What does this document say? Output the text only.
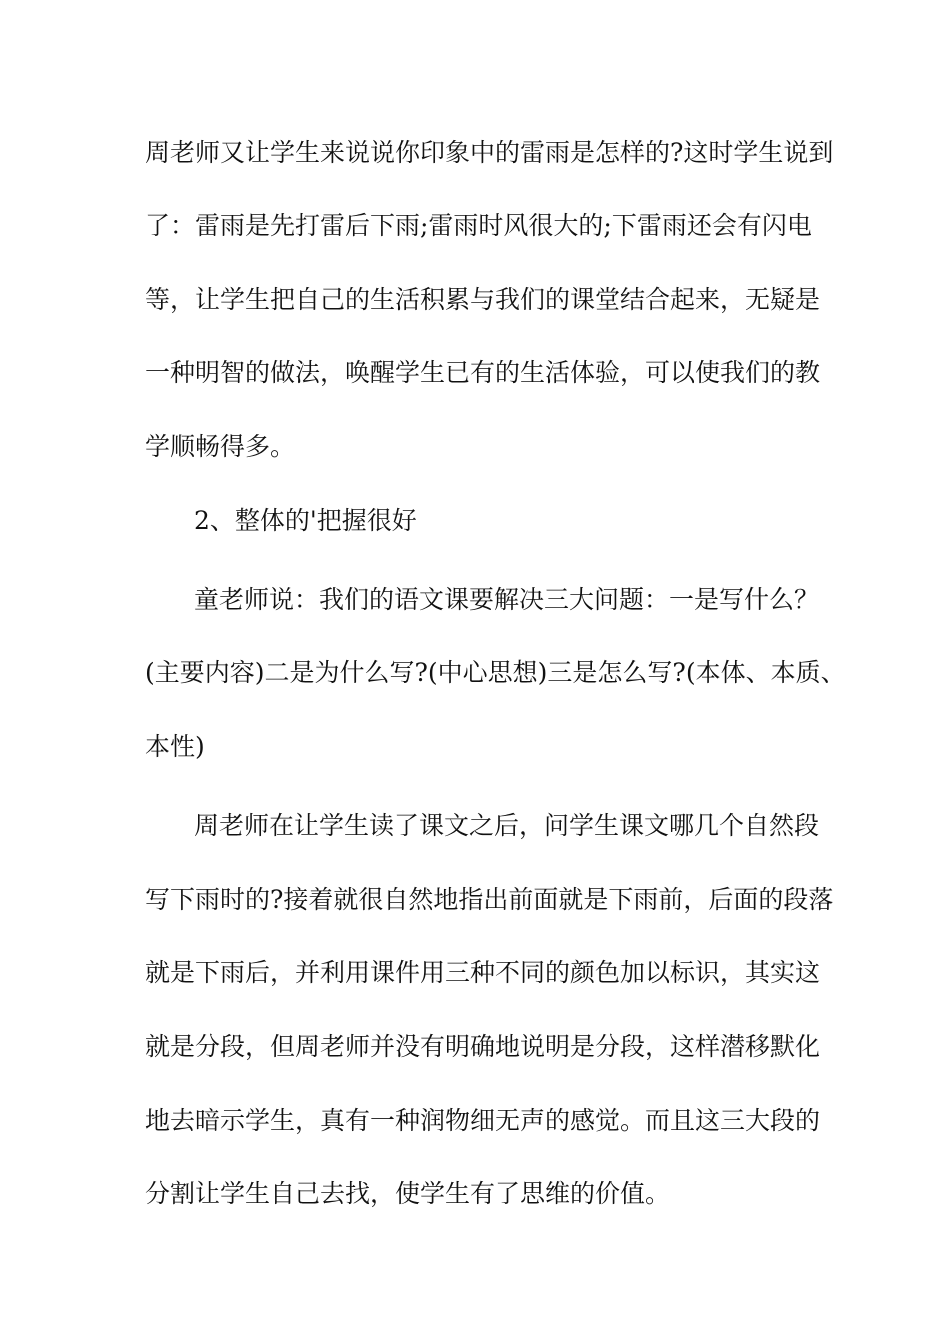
周老师又让学生来说说你印象中的雷雨是怎样的?这时学生说到
了：雷雨是先打雷后下雨;雷雨时风很大的;下雷雨还会有闪电
等，让学生把自己的生活积累与我们的课堂结合起来，无疑是
一种明智的做法，唤醒学生已有的生活体验，可以使我们的教
学顺畅得多。
2、整体的'把握很好
童老师说：我们的语文课要解决三大问题：一是写什么？
(主要内容)二是为什么写?(中心思想)三是怎么写?(本体、本质、
本性)
周老师在让学生读了课文之后，问学生课文哪几个自然段
写下雨时的?接着就很自然地指出前面就是下雨前，后面的段落
就是下雨后，并利用课件用三种不同的颜色加以标识，其实这
就是分段，但周老师并没有明确地说明是分段，这样潜移默化
地去暗示学生，真有一种润物细无声的感觉。而且这三大段的
分割让学生自己去找，使学生有了思维的价值。
